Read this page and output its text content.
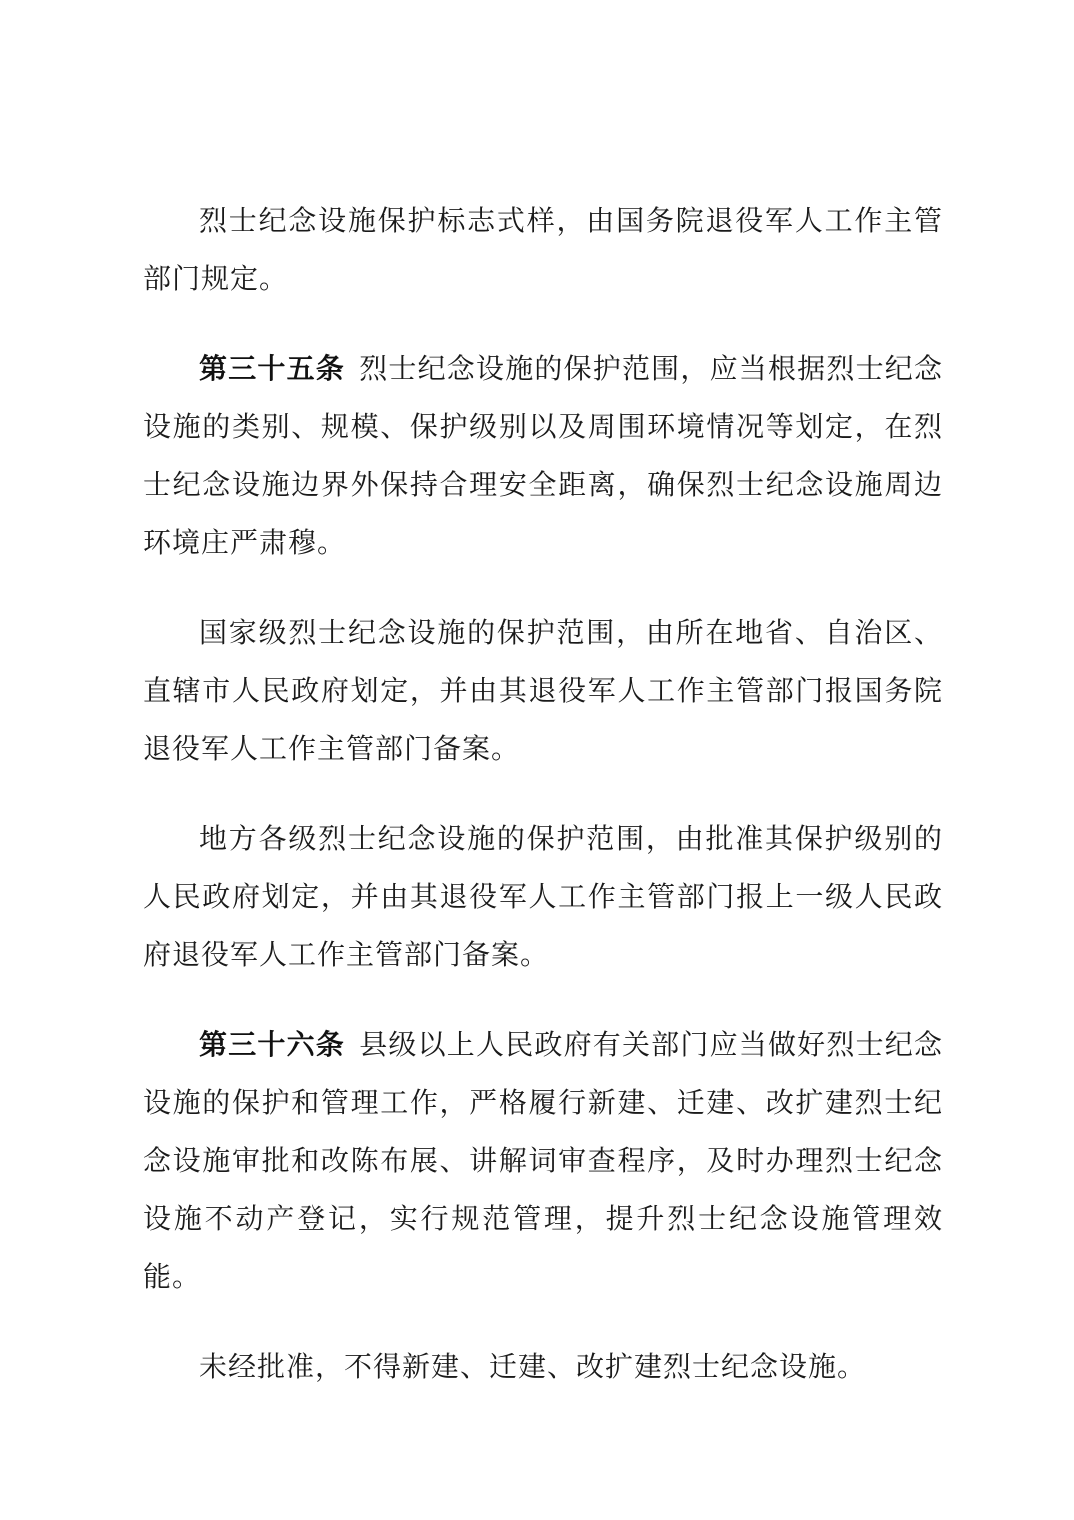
烈士纪念设施保护标志式样，由国务院退役军人工作主管部门规定。

第三十五条 烈士纪念设施的保护范围，应当根据烈士纪念设施的类别、规模、保护级别以及周围环境情况等划定，在烈士纪念设施边界外保持合理安全距离，确保烈士纪念设施周边环境庄严肃穆。

国家级烈士纪念设施的保护范围，由所在地省、自治区、直辖市人民政府划定，并由其退役军人工作主管部门报国务院退役军人工作主管部门备案。

地方各级烈士纪念设施的保护范围，由批准其保护级别的人民政府划定，并由其退役军人工作主管部门报上一级人民政府退役军人工作主管部门备案。

第三十六条 县级以上人民政府有关部门应当做好烈士纪念设施的保护和管理工作，严格履行新建、迁建、改扩建烈士纪念设施审批和改陈布展、讲解词审查程序，及时办理烈士纪念设施不动产登记，实行规范管理，提升烈士纪念设施管理效能。

未经批准，不得新建、迁建、改扩建烈士纪念设施。
